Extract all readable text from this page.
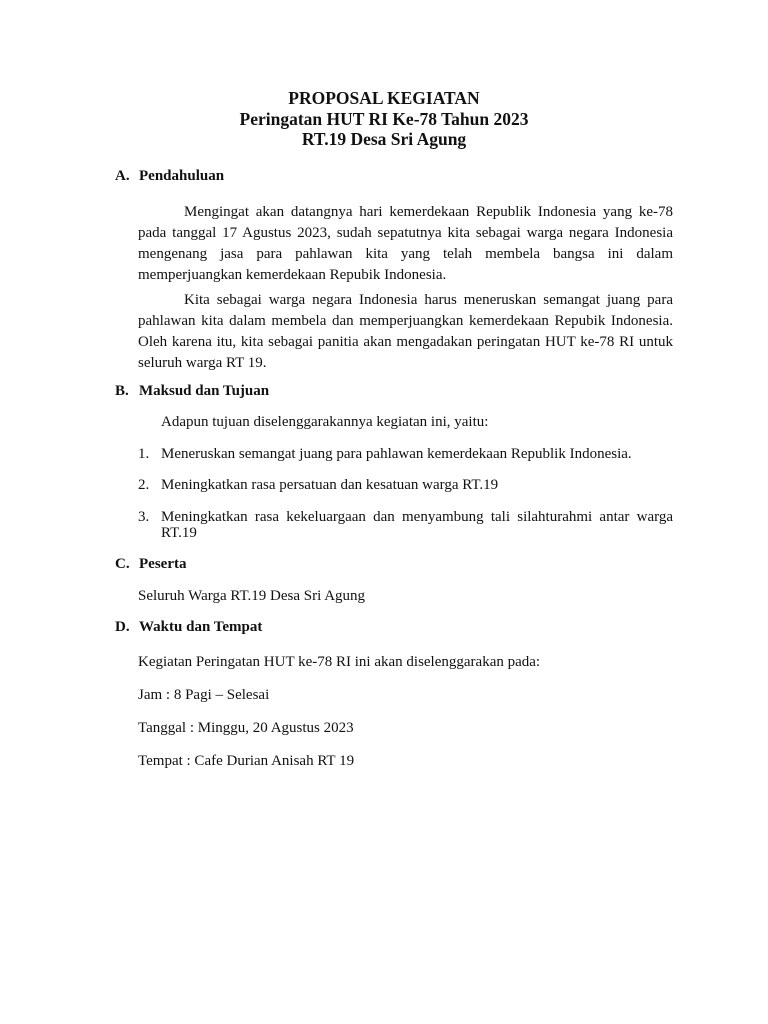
PROPOSAL KEGIATAN
Peringatan HUT RI Ke-78 Tahun 2023
RT.19 Desa Sri Agung
A. Pendahuluan
Mengingat akan datangnya hari kemerdekaan Republik Indonesia yang ke-78 pada tanggal 17 Agustus 2023, sudah sepatutnya kita sebagai warga negara Indonesia mengenang jasa para pahlawan kita yang telah membela bangsa ini dalam memperjuangkan kemerdekaan Repubik Indonesia.
Kita sebagai warga negara Indonesia harus meneruskan semangat juang para pahlawan kita dalam membela dan memperjuangkan kemerdekaan Repubik Indonesia. Oleh karena itu, kita sebagai panitia akan mengadakan peringatan HUT ke-78 RI untuk seluruh warga RT 19.
B. Maksud dan Tujuan
Adapun tujuan diselenggarakannya kegiatan ini, yaitu:
1. Meneruskan semangat juang para pahlawan kemerdekaan Republik Indonesia.
2. Meningkatkan rasa persatuan dan kesatuan warga RT.19
3. Meningkatkan rasa kekeluargaan dan menyambung tali silahturahmi antar warga RT.19
C. Peserta
Seluruh Warga RT.19 Desa Sri Agung
D. Waktu dan Tempat
Kegiatan Peringatan HUT ke-78 RI ini akan diselenggarakan pada:
Jam : 8 Pagi – Selesai
Tanggal : Minggu, 20 Agustus 2023
Tempat : Cafe Durian Anisah RT 19
